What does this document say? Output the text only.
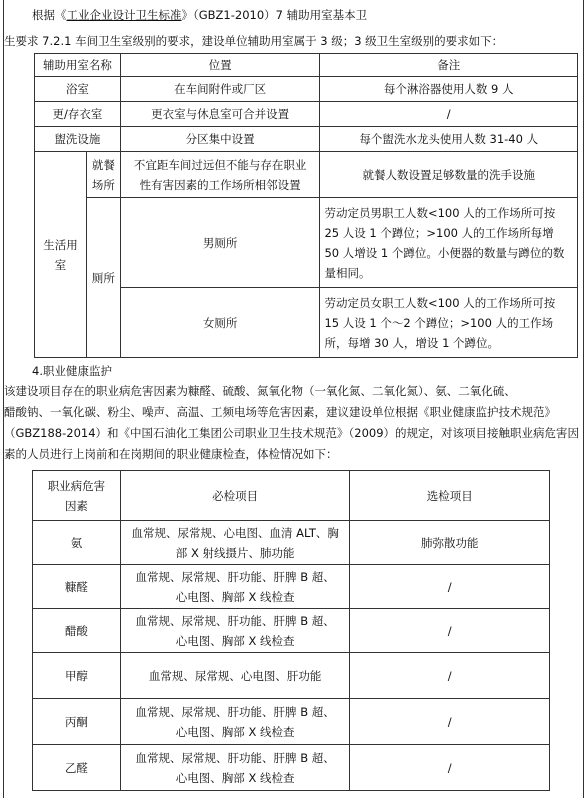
根据《工业企业设计卫生标准》（GBZ1-2010）7 辅助用室基本卫
生要求 7.2.1 车间卫生室级别的要求，建设单位辅助用室属于 3 级；3 级卫生室级别的要求如下：
辅助用室名称		位置	备注
浴室		在车间附件或厂区	每个淋浴器使用人数 9 人
更/存衣室		更衣室与休息室可合并设置	/
盥洗设施		分区集中设置	每个盥洗水龙头使用人数 31-40 人
生活用室	就餐场所	不宜距车间过远但不能与存在职业性有害因素的工作场所相邻设置	就餐人数设置足够数量的洗手设施
	厕所	男厕所	劳动定员男职工人数<100 人的工作场所可按 25 人设 1 个蹲位；>100 人的工作场所每增 50 人增设 1 个蹲位。小便器的数量与蹲位的数量相同。
		女厕所	劳动定员女职工人数<100 人的工作场所可按 15 人设 1 个～2 个蹲位；>100 人的工作场所，每增 30 人，增设 1 个蹲位。
4.职业健康监护
该建设项目存在的职业病危害因素为糠醛、硫酸、氮氧化物（一氧化氮、二氧化氮）、氨、二氧化硫、
醋酸钠、一氧化碳、粉尘、噪声、高温、工频电场等危害因素，建议建设单位根据《职业健康监护技术规范》
（GBZ188-2014）和《中国石油化工集团公司职业卫生技术规范》（2009）的规定，对该项目接触职业病危害因
素的人员进行上岗前和在岗期间的职业健康检查，体检情况如下：
职业病危害因素	必检项目	选检项目
氨	血常规、尿常规、心电图、血清 ALT、胸部 X 射线摄片、肺功能	肺弥散功能
糠醛	血常规、尿常规、肝功能、肝脾 B 超、心电图、胸部 X 线检查	/
醋酸	血常规、尿常规、肝功能、肝脾 B 超、心电图、胸部 X 线检查	/
甲醇	血常规、尿常规、心电图、肝功能	/
丙酮	血常规、尿常规、肝功能、肝脾 B 超、心电图、胸部 X 线检查	/
乙醛	血常规、尿常规、肝功能、肝脾 B 超、心电图、胸部 X 线检查	/
